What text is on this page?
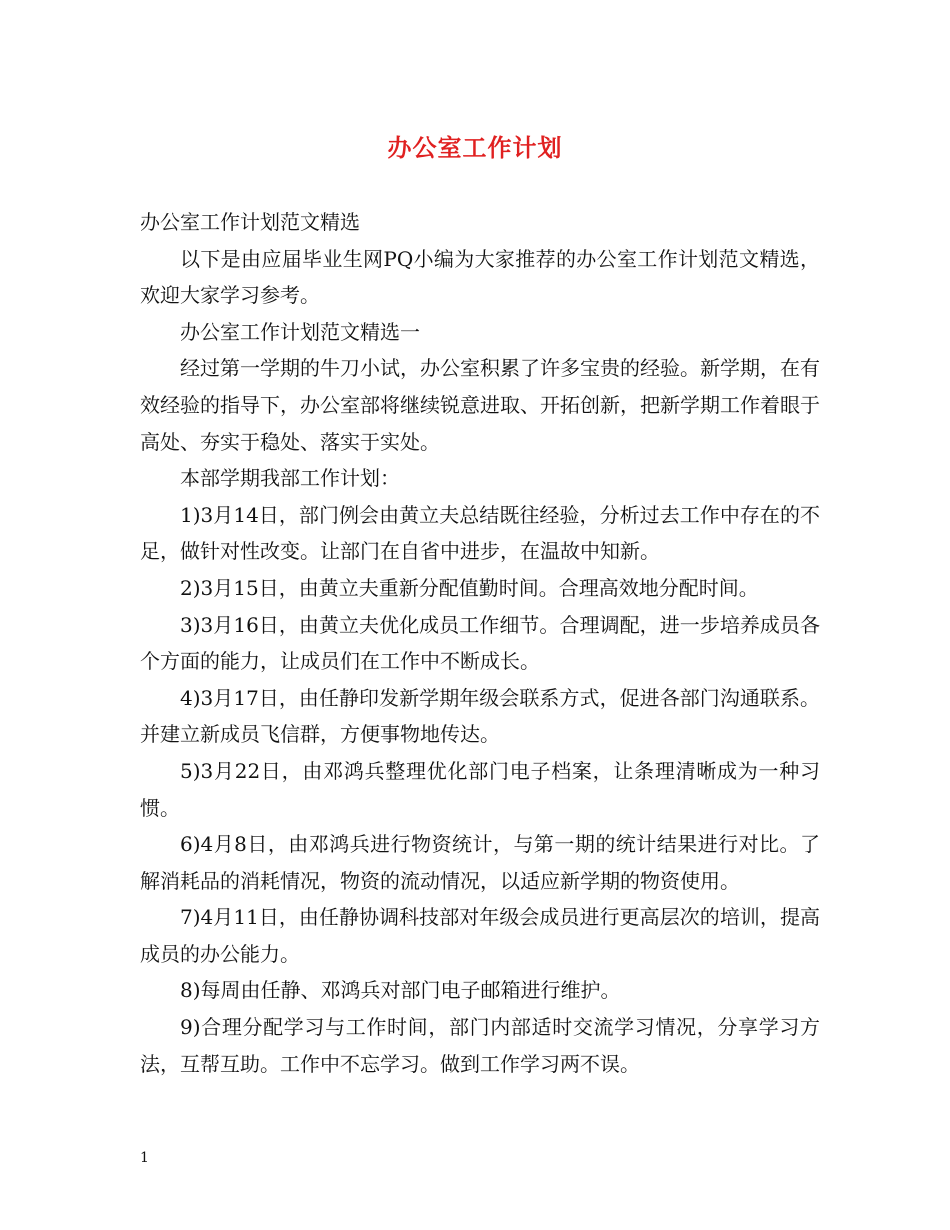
办公室工作计划

办公室工作计划范文精选

以下是由应届毕业生网PQ小编为大家推荐的办公室工作计划范文精选，欢迎大家学习参考。

办公室工作计划范文精选一

经过第一学期的牛刀小试，办公室积累了许多宝贵的经验。新学期，在有效经验的指导下，办公室部将继续锐意进取、开拓创新，把新学期工作着眼于高处、夯实于稳处、落实于实处。

本部学期我部工作计划：

1)3月14日，部门例会由黄立夫总结既往经验，分析过去工作中存在的不足，做针对性改变。让部门在自省中进步，在温故中知新。

2)3月15日，由黄立夫重新分配值勤时间。合理高效地分配时间。

3)3月16日，由黄立夫优化成员工作细节。合理调配，进一步培养成员各个方面的能力，让成员们在工作中不断成长。

4)3月17日，由任静印发新学期年级会联系方式，促进各部门沟通联系。并建立新成员飞信群，方便事物地传达。

5)3月22日，由邓鸿兵整理优化部门电子档案，让条理清晰成为一种习惯。

6)4月8日，由邓鸿兵进行物资统计，与第一期的统计结果进行对比。了解消耗品的消耗情况，物资的流动情况，以适应新学期的物资使用。

7)4月11日，由任静协调科技部对年级会成员进行更高层次的培训，提高成员的办公能力。

8)每周由任静、邓鸿兵对部门电子邮箱进行维护。

9)合理分配学习与工作时间，部门内部适时交流学习情况，分享学习方法，互帮互助。工作中不忘学习。做到工作学习两不误。

1
